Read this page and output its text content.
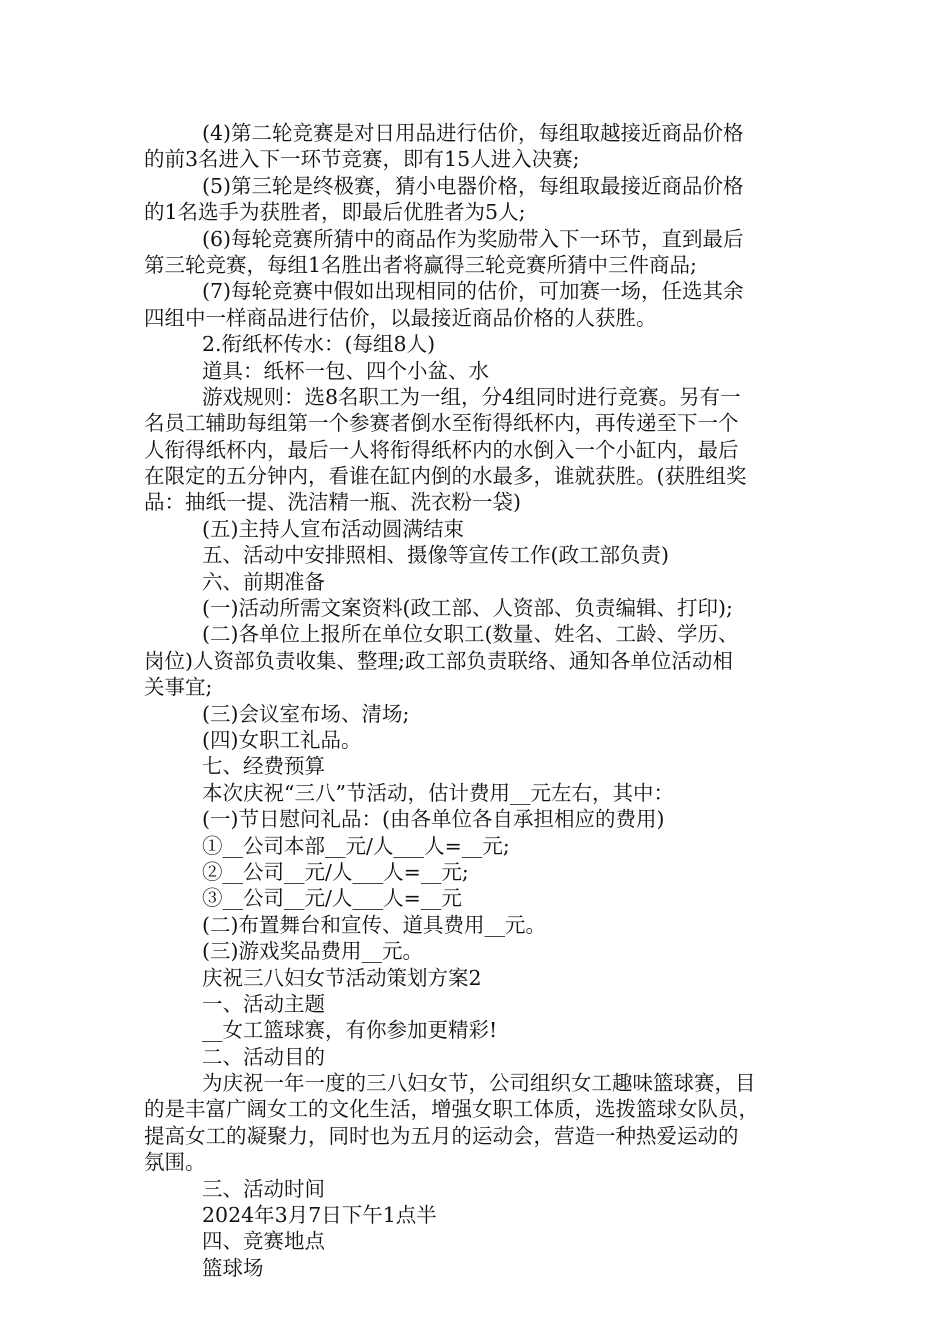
(4)第二轮竞赛是对日用品进行估价，每组取越接近商品价格
的前3名进入下一环节竞赛，即有15人进入决赛;
(5)第三轮是终极赛，猜小电器价格，每组取最接近商品价格
的1名选手为获胜者，即最后优胜者为5人;
(6)每轮竞赛所猜中的商品作为奖励带入下一环节，直到最后
第三轮竞赛，每组1名胜出者将赢得三轮竞赛所猜中三件商品;
(7)每轮竞赛中假如出现相同的估价，可加赛一场，任选其余
四组中一样商品进行估价，以最接近商品价格的人获胜。
2.衔纸杯传水：(每组8人)
道具：纸杯一包、四个小盆、水
游戏规则：选8名职工为一组，分4组同时进行竞赛。另有一
名员工辅助每组第一个参赛者倒水至衔得纸杯内，再传递至下一个
人衔得纸杯内，最后一人将衔得纸杯内的水倒入一个小缸内，最后
在限定的五分钟内，看谁在缸内倒的水最多，谁就获胜。(获胜组奖
品：抽纸一提、洗洁精一瓶、洗衣粉一袋)
(五)主持人宣布活动圆满结束
五、活动中安排照相、摄像等宣传工作(政工部负责)
六、前期准备
(一)活动所需文案资料(政工部、人资部、负责编辑、打印);
(二)各单位上报所在单位女职工(数量、姓名、工龄、学历、
岗位)人资部负责收集、整理;政工部负责联络、通知各单位活动相
关事宜;
(三)会议室布场、清场;
(四)女职工礼品。
七、经费预算
本次庆祝“三八”节活动，估计费用__元左右，其中：
(一)节日慰问礼品：(由各单位各自承担相应的费用)
①__公司本部__元/人___人=__元;
②__公司__元/人___人=__元;
③__公司__元/人___人=__元
(二)布置舞台和宣传、道具费用__元。
(三)游戏奖品费用__元。
庆祝三八妇女节活动策划方案2
一、活动主题
__女工篮球赛，有你参加更精彩!
二、活动目的
为庆祝一年一度的三八妇女节，公司组织女工趣味篮球赛，目
的是丰富广阔女工的文化生活，增强女职工体质，选拨篮球女队员，
提高女工的凝聚力，同时也为五月的运动会，营造一种热爱运动的
氛围。
三、活动时间
2024年3月7日下午1点半
四、竞赛地点
篮球场
